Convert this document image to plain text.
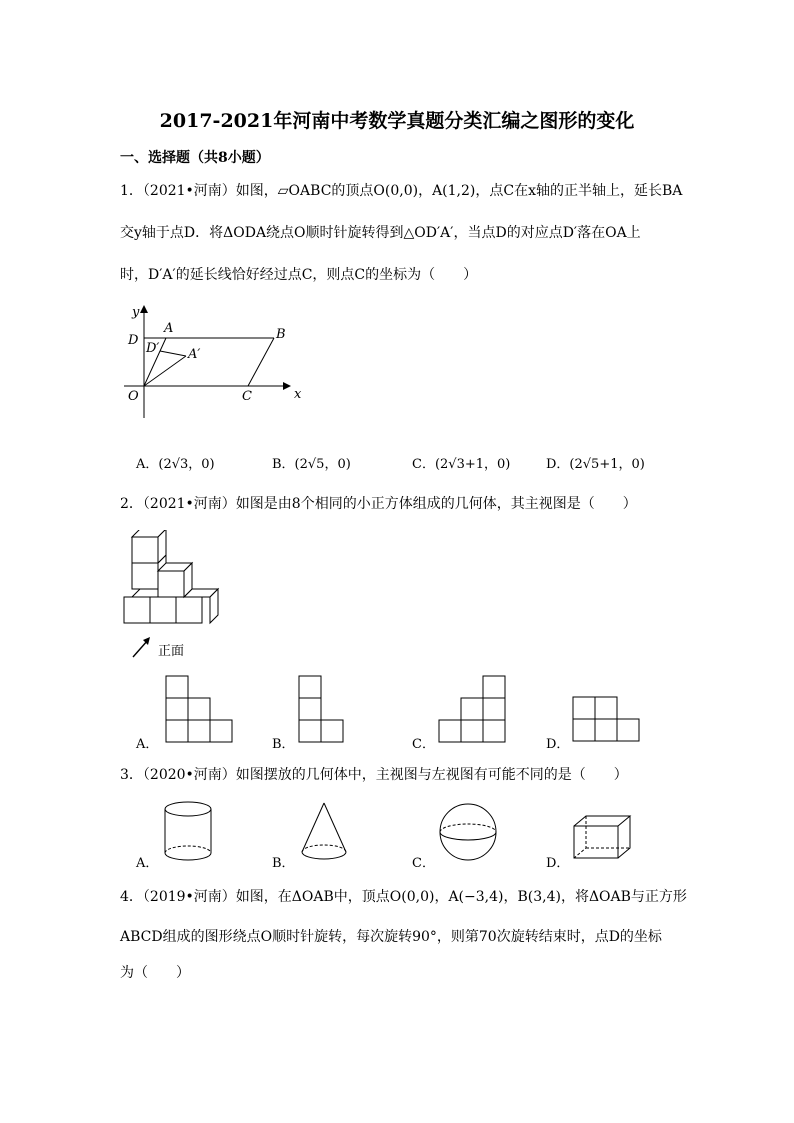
2017-2021年河南中考数学真题分类汇编之图形的变化
一、选择题（共8小题）
1．（2021•河南）如图，▱OABC的顶点O(0,0)，A(1,2)，点C在x轴的正半轴上，延长BA
交y轴于点D．将ΔODA绕点O顺时针旋转得到△OD′A′，当点D的对应点D′落在OA上
时，D′A′的延长线恰好经过点C，则点C的坐标为（　　）
y
x
D
A	B
D′ A′
O	C
A．(2√3，0)	B．(2√5，0)	C．(2√3+1，0)	D．(2√5+1，0)
2．（2021•河南）如图是由8个相同的小正方体组成的几何体，其主视图是（　　）
正面
A．	B．	C．	D．
3．（2020•河南）如图摆放的几何体中，主视图与左视图有可能不同的是（　　）
A．	B．	C．	D．
4．（2019•河南）如图，在ΔOAB中，顶点O(0,0)，A(−3,4)，B(3,4)，将ΔOAB与正方形
ABCD组成的图形绕点O顺时针旋转，每次旋转90°，则第70次旋转结束时，点D的坐标
为（　　）
